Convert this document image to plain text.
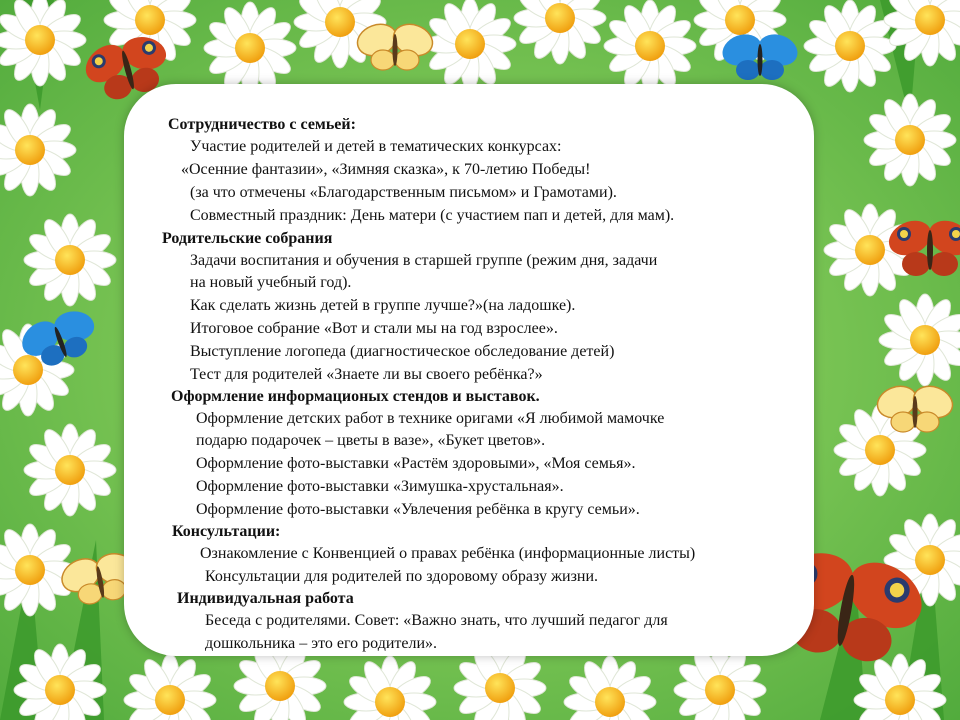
Сотрудничество с семьей:
Участие родителей и детей в тематических конкурсах:
«Осенние фантазии», «Зимняя сказка», к 70-летию Победы!
(за что отмечены «Благодарственным письмом» и Грамотами).
Совместный праздник: День матери (с участием пап и детей, для мам).
Родительские собрания
Задачи воспитания и обучения в старшей группе (режим дня, задачи
на новый учебный год).
Как сделать жизнь детей в группе лучше?»(на ладошке).
Итоговое собрание «Вот и стали мы на год взрослее».
Выступление логопеда (диагностическое обследование детей)
Тест для родителей «Знаете ли вы своего ребёнка?»
Оформление информационых стендов и выставок.
Оформление детских работ в технике оригами «Я любимой мамочке
подарю подарочек – цветы в вазе», «Букет цветов».
Оформление фото-выставки «Растём здоровыми», «Моя семья».
Оформление фото-выставки «Зимушка-хрустальная».
Оформление фото-выставки «Увлечения ребёнка в кругу семьи».
Консультации:
Ознакомление с Конвенцией о правах ребёнка (информационные листы)
Консультации для родителей по здоровому образу жизни.
Индивидуальная работа
Беседа с родителями. Совет: «Важно знать, что лучший педагог для
дошкольника – это его родители».
